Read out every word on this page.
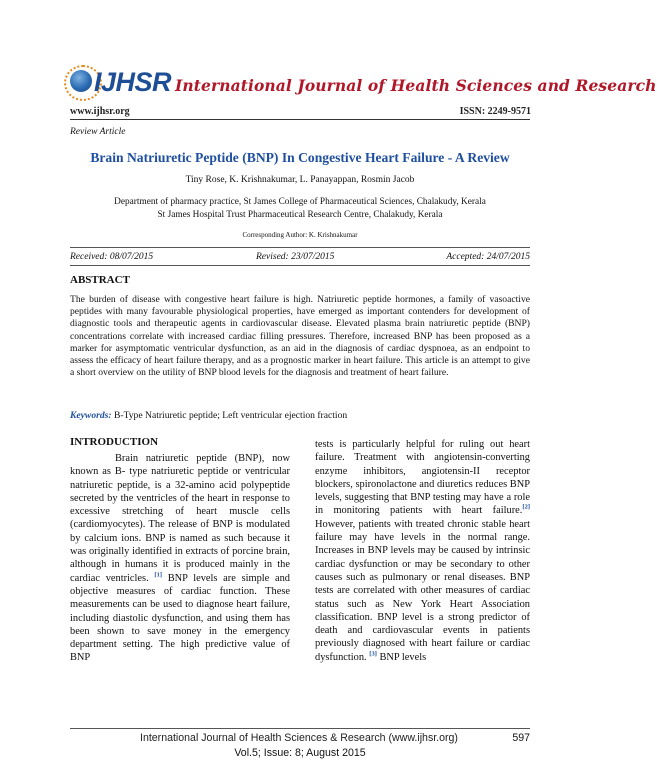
IJHSR International Journal of Health Sciences and Research
www.ijhsr.org	ISSN: 2249-9571
Review Article
Brain Natriuretic Peptide (BNP) In Congestive Heart Failure - A Review
Tiny Rose, K. Krishnakumar, L. Panayappan, Rosmin Jacob
Department of pharmacy practice, St James College of Pharmaceutical Sciences, Chalakudy, Kerala
St James Hospital Trust Pharmaceutical Research Centre, Chalakudy, Kerala
Corresponding Author: K. Krishnakumar
Received: 08/07/2015	Revised: 23/07/2015	Accepted: 24/07/2015
ABSTRACT
The burden of disease with congestive heart failure is high. Natriuretic peptide hormones, a family of vasoactive peptides with many favourable physiological properties, have emerged as important contenders for development of diagnostic tools and therapeutic agents in cardiovascular disease. Elevated plasma brain natriuretic peptide (BNP) concentrations correlate with increased cardiac filling pressures. Therefore, increased BNP has been proposed as a marker for asymptomatic ventricular dysfunction, as an aid in the diagnosis of cardiac dyspnoea, as an endpoint to assess the efficacy of heart failure therapy, and as a prognostic marker in heart failure. This article is an attempt to give a short overview on the utility of BNP blood levels for the diagnosis and treatment of heart failure.
Keywords: B-Type Natriuretic peptide; Left ventricular ejection fraction
INTRODUCTION
Brain natriuretic peptide (BNP), now known as B- type natriuretic peptide or ventricular natriuretic peptide, is a 32-amino acid polypeptide secreted by the ventricles of the heart in response to excessive stretching of heart muscle cells (cardiomyocytes). The release of BNP is modulated by calcium ions. BNP is named as such because it was originally identified in extracts of porcine brain, although in humans it is produced mainly in the cardiac ventricles. [1] BNP levels are simple and objective measures of cardiac function. These measurements can be used to diagnose heart failure, including diastolic dysfunction, and using them has been shown to save money in the emergency department setting. The high predictive value of BNP
tests is particularly helpful for ruling out heart failure. Treatment with angiotensin-converting enzyme inhibitors, angiotensin-II receptor blockers, spironolactone and diuretics reduces BNP levels, suggesting that BNP testing may have a role in monitoring patients with heart failure.[2] However, patients with treated chronic stable heart failure may have levels in the normal range. Increases in BNP levels may be caused by intrinsic cardiac dysfunction or may be secondary to other causes such as pulmonary or renal diseases. BNP tests are correlated with other measures of cardiac status such as New York Heart Association classification. BNP level is a strong predictor of death and cardiovascular events in patients previously diagnosed with heart failure or cardiac dysfunction. [3] BNP levels
International Journal of Health Sciences & Research (www.ijhsr.org)	597
Vol.5; Issue: 8; August 2015
